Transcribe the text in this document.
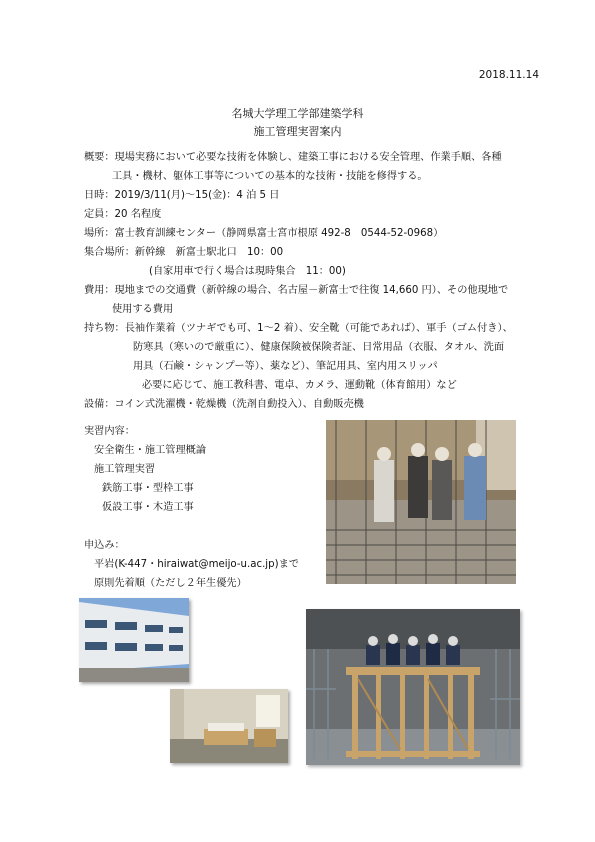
2018.11.14
名城大学理工学部建築学科
施工管理実習案内
概要：現場実務において必要な技術を体験し、建築工事における安全管理、作業手順、各種
工具・機材、躯体工事等についての基本的な技術・技能を修得する。
日時：2019/3/11(月)～15(金)：4 泊 5 日
定員：20 名程度
場所：富士教育訓練センター（静岡県富士宮市根原 492-8　0544-52-0968）
集合場所：新幹線　新富士駅北口　10：00
(自家用車で行く場合は現時集合　11：00)
費用：現地までの交通費（新幹線の場合、名古屋－新富士で往復 14,660 円）、その他現地で
使用する費用
持ち物：長袖作業着（ツナギでも可、1～2 着）、安全靴（可能であれば）、軍手（ゴム付き）、
防寒具（寒いので厳重に）、健康保険被保険者証、日常用品（衣服、タオル、洗面
用具（石鹸・シャンプー等）、薬など）、筆記用具、室内用スリッパ
必要に応じて、施工教科書、電卓、カメラ、運動靴（体育館用）など
設備：コイン式洗濯機・乾燥機（洗剤自動投入）、自動販売機
実習内容：
安全衛生・施工管理概論
施工管理実習
鉄筋工事・型枠工事
仮設工事・木造工事
申込み：
平岩(K-447・hiraiwat@meijo-u.ac.jp)まで
原則先着順（ただし２年生優先）
